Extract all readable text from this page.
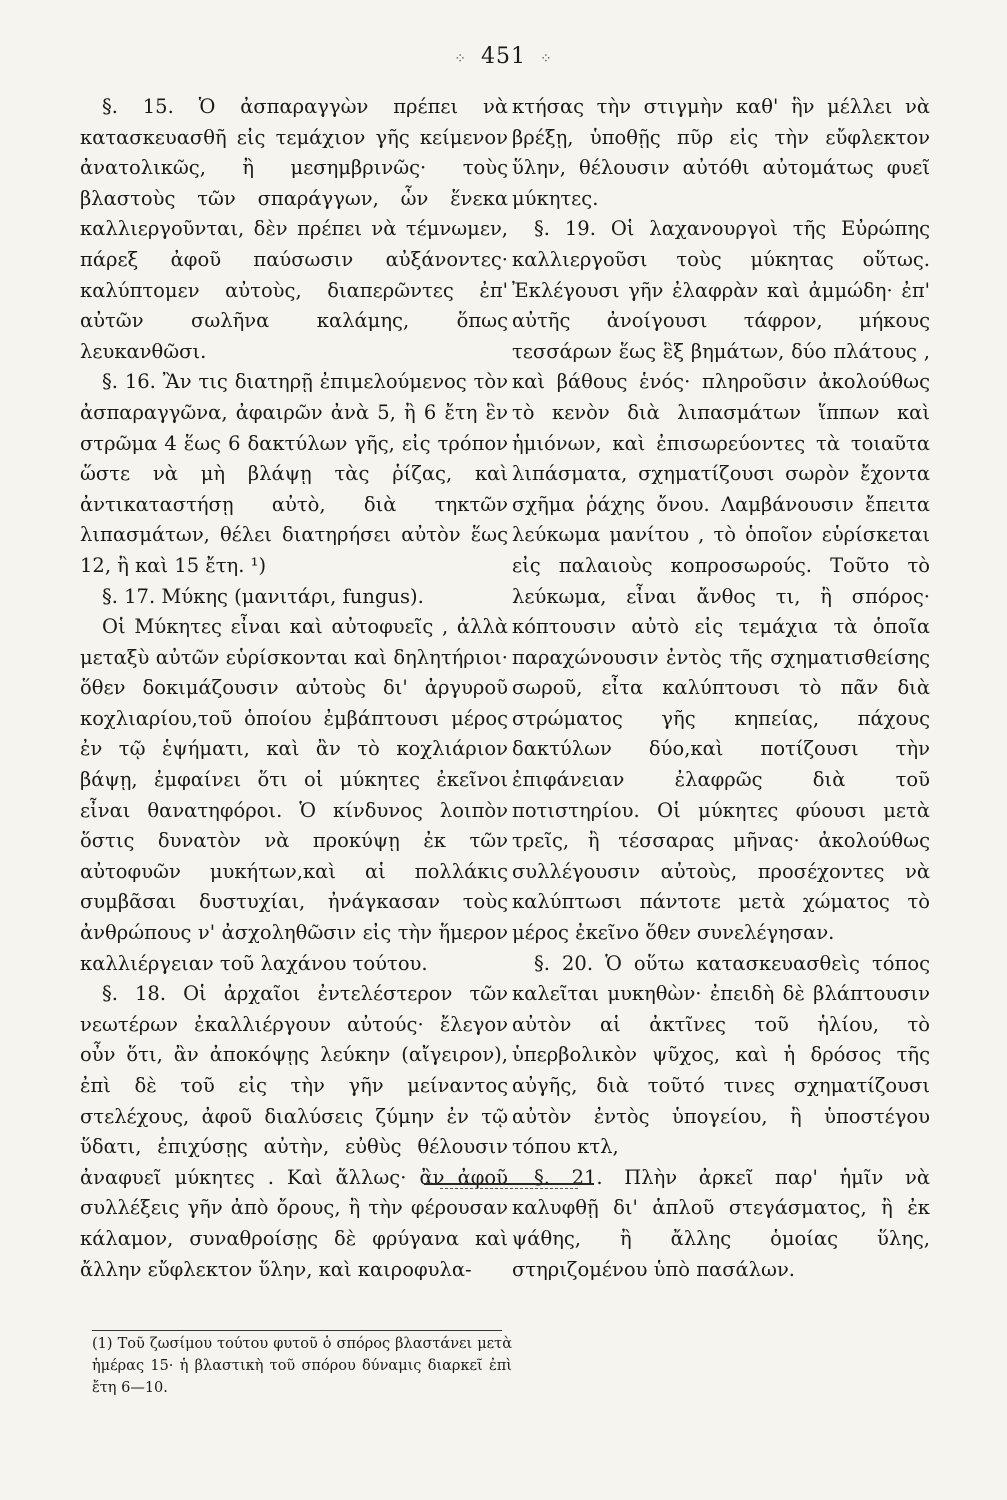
⁘ 451 ⁘

§. 15. Ὁ ἀσπαραγγὼν πρέπει νὰ κατασκευασθῆ εἰς τεμάχιον γῆς κείμενον ἀνατολικῶς, ἢ μεσημβρινῶς· τοὺς βλαστοὺς τῶν σπαράγγων, ὧν ἕνεκα καλλιεργοῦνται, δὲν πρέπει νὰ τέμνωμεν, πάρεξ ἀφοῦ παύσωσιν αὐξάνοντες· καλύπτομεν αὐτοὺς, διαπερῶντες ἐπ' αὐτῶν σωλῆνα καλάμης, ὅπως λευκανθῶσι.

§. 16. Ἂν τις διατηρῇ ἐπιμελούμενος τὸν ἀσπαραγγῶνα, ἀφαιρῶν ἀνὰ 5, ἢ 6 ἔτη ἓν στρῶμα 4 ἕως 6 δακτύλων γῆς, εἰς τρόπον ὥστε νὰ μὴ βλάψῃ τὰς ῥίζας, καὶ ἀντικαταστήσῃ αὐτὸ, διὰ τηκτῶν λιπασμάτων, θέλει διατηρήσει αὐτὸν ἕως 12, ἢ καὶ 15 ἔτη. ¹)

§. 17. Μύκης (μανιτάρι, fungus).

Οἱ Μύκητες εἶναι καὶ αὐτοφυεῖς , ἀλλὰ μεταξὺ αὐτῶν εὑρίσκονται καὶ δηλητήριοι· ὅθεν δοκιμάζουσιν αὐτοὺς δι' ἀργυροῦ κοχλιαρίου,τοῦ ὁποίου ἐμβάπτουσι μέρος ἐν τῷ ἑψήματι, καὶ ἂν τὸ κοχλιάριον βάψῃ, ἐμφαίνει ὅτι οἱ μύκητες ἐκεῖνοι εἶναι θανατηφόροι. Ὁ κίνδυνος λοιπὸν ὅστις δυνατὸν νὰ προκύψῃ ἐκ τῶν αὐτοφυῶν μυκήτων,καὶ αἱ πολλάκις συμβᾶσαι δυστυχίαι, ἠνάγκασαν τοὺς ἀνθρώπους ν' ἀσχοληθῶσιν εἰς τὴν ἥμερον καλλιέργειαν τοῦ λαχάνου τούτου.

§. 18. Οἱ ἀρχαῖοι ἐντελέστερον τῶν νεωτέρων ἐκαλλιέργουν αὐτούς· ἔλεγον οὖν ὅτι, ἂν ἀποκόψῃς λεύκην (αἴγειρον), ἐπὶ δὲ τοῦ εἰς τὴν γῆν μείναντος στελέχους, ἀφοῦ διαλύσεις ζύμην ἐν τῷ ὕδατι, ἐπιχύσῃς αὐτὴν, εὐθὺς θέλουσιν ἀναφυεῖ μύκητες . Καὶ ἄλλως· ἂν ἀφοῦ συλλέξεις γῆν ἀπὸ ὄρους, ἢ τὴν φέρουσαν κάλαμον, συναθροίσῃς δὲ φρύγανα καὶ ἄλλην εὔφλεκτον ὕλην, καὶ καιροφυλα-

κτήσας τὴν στιγμὴν καθ' ἣν μέλλει νὰ βρέξῃ, ὑποθῇς πῦρ εἰς τὴν εὔφλεκτον ὕλην, θέλουσιν αὐτόθι αὐτομάτως φυεῖ μύκητες.

§. 19. Οἱ λαχανουργοὶ τῆς Εὐρώπης καλλιεργοῦσι τοὺς μύκητας οὕτως. Ἐκλέγουσι γῆν ἐλαφρὰν καὶ ἀμμώδη· ἐπ' αὐτῆς ἀνοίγουσι τάφρον, μήκους τεσσάρων ἕως ἓξ βημάτων, δύο πλάτους , καὶ βάθους ἑνός· πληροῦσιν ἀκολούθως τὸ κενὸν διὰ λιπασμάτων ἵππων καὶ ἡμιόνων, καὶ ἐπισωρεύοντες τὰ τοιαῦτα λιπάσματα, σχηματίζουσι σωρὸν ἔχοντα σχῆμα ῥάχης ὄνου. Λαμβάνουσιν ἔπειτα λεύκωμα μανίτου , τὸ ὁποῖον εὑρίσκεται εἰς παλαιοὺς κοπροσωρούς. Τοῦτο τὸ λεύκωμα, εἶναι ἄνθος τι, ἢ σπόρος· κόπτουσιν αὐτὸ εἰς τεμάχια τὰ ὁποῖα παραχώνουσιν ἐντὸς τῆς σχηματισθείσης σωροῦ, εἶτα καλύπτουσι τὸ πᾶν διὰ στρώματος γῆς κηπείας, πάχους δακτύλων δύο,καὶ ποτίζουσι τὴν ἐπιφάνειαν ἐλαφρῶς διὰ τοῦ ποτιστηρίου. Οἱ μύκητες φύουσι μετὰ τρεῖς, ἢ τέσσαρας μῆνας· ἀκολούθως συλλέγουσιν αὐτοὺς, προσέχοντες νὰ καλύπτωσι πάντοτε μετὰ χώματος τὸ μέρος ἐκεῖνο ὅθεν συνελέγησαν.

§. 20. Ὁ οὕτω κατασκευασθεὶς τόπος καλεῖται μυκηθὼν· ἐπειδὴ δὲ βλάπτουσιν αὐτὸν αἱ ἀκτῖνες τοῦ ἡλίου, τὸ ὑπερβολικὸν ψῦχος, καὶ ἡ δρόσος τῆς αὐγῆς, διὰ τοῦτό τινες σχηματίζουσι αὐτὸν ἐντὸς ὑπογείου, ἢ ὑποστέγου τόπου κτλ,

§. 21. Πλὴν ἀρκεῖ παρ' ἡμῖν νὰ καλυφθῇ δι' ἁπλοῦ στεγάσματος, ἢ ἐκ ψάθης, ἢ ἄλλης ὁμοίας ὕλης, στηριζομένου ὑπὸ πασάλων.

(1) Τοῦ ζωσίμου τούτου φυτοῦ ὁ σπόρος βλαστάνει μετὰ ἡμέρας 15· ἡ βλαστικὴ τοῦ σπόρου δύναμις διαρκεῖ ἐπὶ ἔτη 6—10.
